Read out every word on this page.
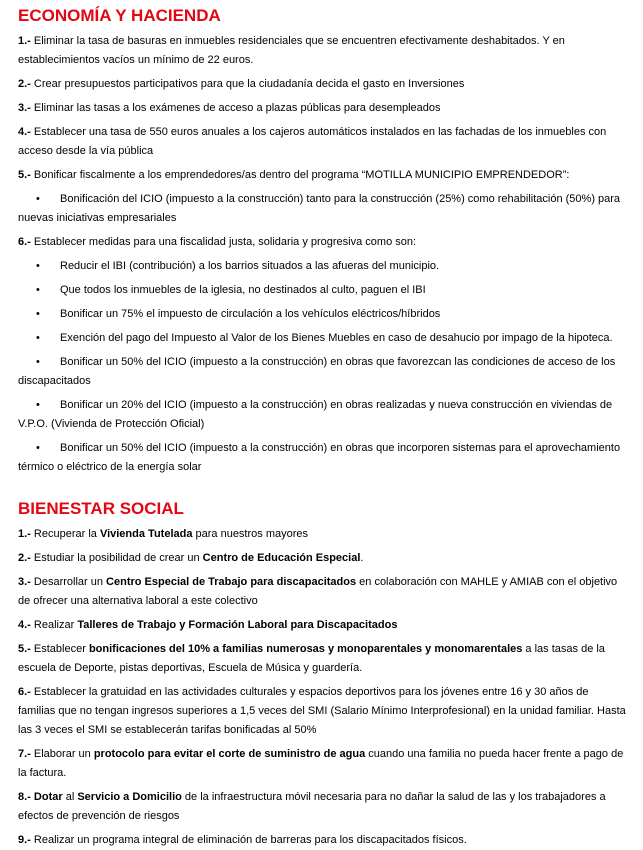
ECONOMÍA Y HACIENDA

1.- Eliminar la tasa de basuras en inmuebles residenciales que se encuentren efectivamente deshabitados. Y en establecimientos vacíos un mínimo de 22 euros.

2.- Crear presupuestos participativos para que la ciudadanía decida el gasto en Inversiones

3.- Eliminar las tasas a los exámenes de acceso a plazas públicas para desempleados

4.- Establecer una tasa de 550 euros anuales a los cajeros automáticos instalados en las fachadas de los inmuebles con acceso desde la vía pública

5.- Bonificar fiscalmente a los emprendedores/as dentro del programa “MOTILLA MUNICIPIO EMPRENDEDOR”:

• Bonificación del ICIO (impuesto a la construcción) tanto para la construcción (25%) como rehabilitación (50%) para nuevas iniciativas empresariales

6.- Establecer medidas para una fiscalidad justa, solidaria y progresiva como son:

• Reducir el IBI (contribución) a los barrios situados a las afueras del municipio.

• Que todos los inmuebles de la iglesia, no destinados al culto, paguen el IBI

• Bonificar un 75% el impuesto de circulación a los vehículos eléctricos/híbridos

• Exención del pago del Impuesto al Valor de los Bienes Muebles en caso de desahucio por impago de la hipoteca.

• Bonificar un 50% del ICIO (impuesto a la construcción) en obras que favorezcan las condiciones de acceso de los discapacitados

• Bonificar un 20% del ICIO (impuesto a la construcción) en obras realizadas y nueva construcción en viviendas de V.P.O. (Vivienda de Protección Oficial)

• Bonificar un 50% del ICIO (impuesto a la construcción) en obras que incorporen sistemas para el aprovechamiento térmico o eléctrico de la energía solar

BIENESTAR SOCIAL

1.- Recuperar la Vivienda Tutelada para nuestros mayores

2.- Estudiar la posibilidad de crear un Centro de Educación Especial.

3.- Desarrollar un Centro Especial de Trabajo para discapacitados en colaboración con MAHLE y AMIAB con el objetivo de ofrecer una alternativa laboral a este colectivo

4.- Realizar Talleres de Trabajo y Formación Laboral para Discapacitados

5.- Establecer bonificaciones del 10% a familias numerosas y monoparentales y monomarentales a las tasas de la escuela de Deporte, pistas deportivas, Escuela de Música y guardería.

6.- Establecer la gratuidad en las actividades culturales y espacios deportivos para los jóvenes entre 16 y 30 años de familias que no tengan ingresos superiores a 1,5 veces del SMI (Salario Mínimo Interprofesional) en la unidad familiar. Hasta las 3 veces el SMI se establecerán tarifas bonificadas al 50%

7.- Elaborar un protocolo para evitar el corte de suministro de agua cuando una familia no pueda hacer frente a pago de la factura.

8.- Dotar al Servicio a Domicilio de la infraestructura móvil necesaria para no dañar la salud de las y los trabajadores a efectos de prevención de riesgos

9.- Realizar un programa integral de eliminación de barreras para los discapacitados físicos.
